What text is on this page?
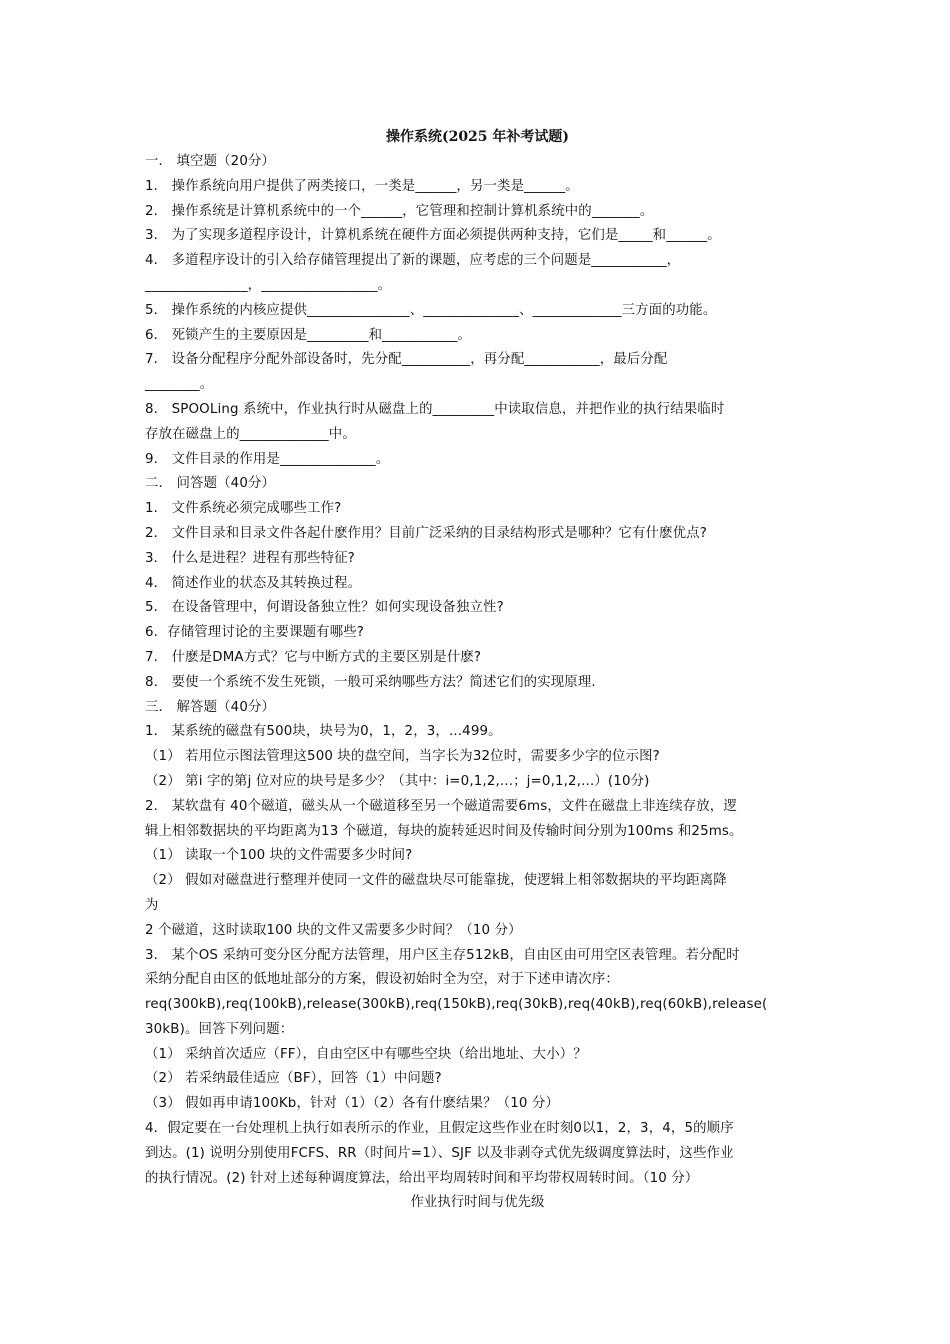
操作系统(2025 年补考试题)
一． 填空题（20分）
1． 操作系统向用户提供了两类接口，一类是______，另一类是______。
2． 操作系统是计算机系统中的一个______，它管理和控制计算机系统中的_______。
3． 为了实现多道程序设计，计算机系统在硬件方面必须提供两种支持，它们是_____和______。
4． 多道程序设计的引入给存储管理提出了新的课题，应考虑的三个问题是___________，
_______________，_________________。
5． 操作系统的内核应提供_______________、______________、_____________三方面的功能。
6． 死锁产生的主要原因是_________和___________。
7． 设备分配程序分配外部设备时，先分配__________，再分配___________，最后分配
________。
8． SPOOLing 系统中，作业执行时从磁盘上的_________中读取信息，并把作业的执行结果临时
存放在磁盘上的_____________中。
9． 文件目录的作用是______________。
二． 问答题（40分）
1． 文件系统必须完成哪些工作?
2． 文件目录和目录文件各起什麽作用？目前广泛采纳的目录结构形式是哪种？它有什麽优点?
3． 什么是进程？进程有那些特征?
4． 简述作业的状态及其转换过程。
5． 在设备管理中，何谓设备独立性？如何实现设备独立性?
6．存储管理讨论的主要课题有哪些?
7． 什麽是DMA方式？它与中断方式的主要区别是什麽?
8． 要使一个系统不发生死锁，一般可采纳哪些方法？简述它们的实现原理.
三． 解答题（40分）
1． 某系统的磁盘有500块，块号为0，1，2，3，...499。
（1） 若用位示图法管理这500 块的盘空间，当字长为32位时，需要多少字的位示图?
（2） 第i 字的第j 位对应的块号是多少？（其中：i=0,1,2,...；j=0,1,2,...）(10分)
2． 某软盘有 40个磁道，磁头从一个磁道移至另一个磁道需要6ms，文件在磁盘上非连续存放，逻
辑上相邻数据块的平均距离为13 个磁道，每块的旋转延迟时间及传输时间分别为100ms 和25ms。
（1） 读取一个100 块的文件需要多少时间?
（2） 假如对磁盘进行整理并使同一文件的磁盘块尽可能靠拢，使逻辑上相邻数据块的平均距离降
为
2 个磁道，这时读取100 块的文件又需要多少时间？（10 分）
3． 某个OS 采纳可变分区分配方法管理，用户区主存512kB，自由区由可用空区表管理。若分配时
采纳分配自由区的低地址部分的方案，假设初始时全为空，对于下述申请次序：
req(300kB),req(100kB),release(300kB),req(150kB),req(30kB),req(40kB),req(60kB),release(
30kB)。回答下列问题：
（1） 采纳首次适应（FF），自由空区中有哪些空块（给出地址、大小）？
（2） 若采纳最佳适应（BF），回答（1）中问题?
（3） 假如再申请100Kb，针对（1）（2）各有什麽结果？（10 分）
4．假定要在一台处理机上执行如表所示的作业，且假定这些作业在时刻0以1，2，3，4，5的顺序
到达。(1) 说明分别使用FCFS、RR（时间片=1）、SJF 以及非剥夺式优先级调度算法时，这些作业
的执行情况。(2) 针对上述每种调度算法，给出平均周转时间和平均带权周转时间。（10 分）
作业执行时间与优先级
